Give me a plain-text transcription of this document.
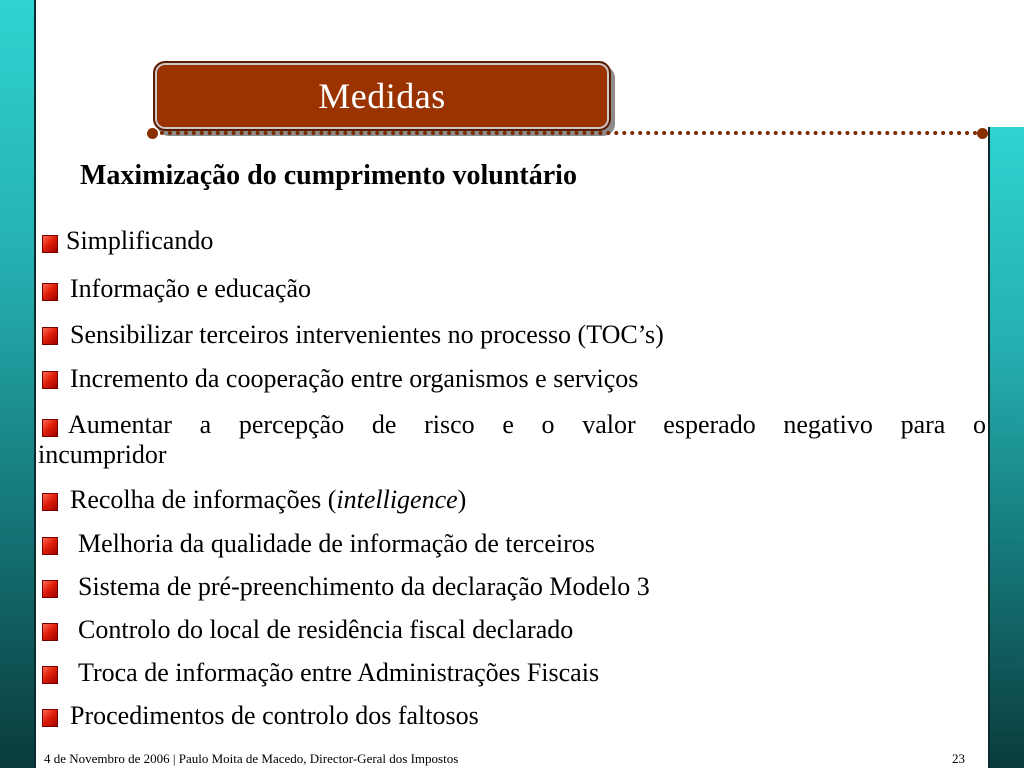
Medidas
Maximização do cumprimento voluntário
Simplificando
Informação e educação
Sensibilizar terceiros intervenientes no processo (TOC’s)
Incremento da cooperação entre organismos e serviços
Aumentar a percepção de risco e o valor esperado negativo para o
incumpridor
Recolha de informações (intelligence)
Melhoria da qualidade de informação de terceiros
Sistema de pré-preenchimento da declaração Modelo 3
Controlo do local de residência fiscal declarado
Troca de informação entre Administrações Fiscais
Procedimentos de controlo dos faltosos
4 de Novembro de 2006 | Paulo Moita de Macedo, Director-Geral dos Impostos	23
